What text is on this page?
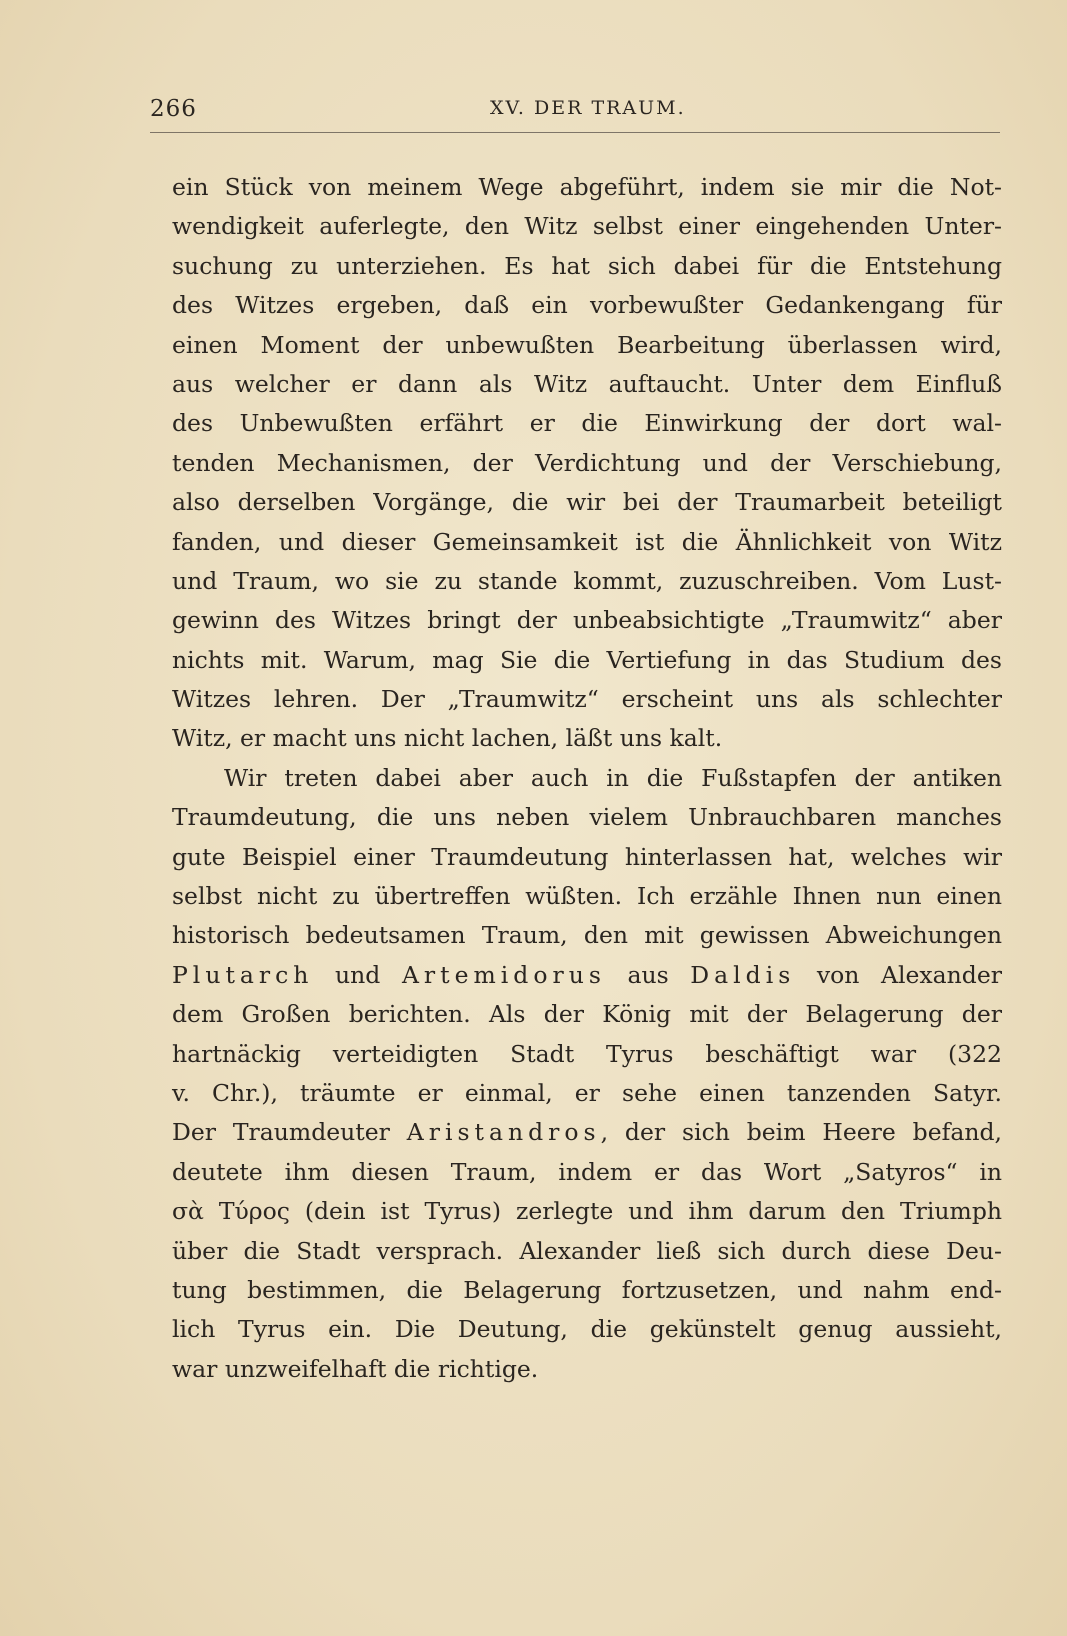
266	XV. DER TRAUM.
ein Stück von meinem Wege abgeführt, indem sie mir die Not-
wendigkeit auferlegte, den Witz selbst einer eingehenden Unter-
suchung zu unterziehen. Es hat sich dabei für die Entstehung
des Witzes ergeben, daß ein vorbewußter Gedankengang für
einen Moment der unbewußten Bearbeitung überlassen wird,
aus welcher er dann als Witz auftaucht. Unter dem Einfluß
des Unbewußten erfährt er die Einwirkung der dort wal-
tenden Mechanismen, der Verdichtung und der Verschiebung,
also derselben Vorgänge, die wir bei der Traumarbeit beteiligt
fanden, und dieser Gemeinsamkeit ist die Ähnlichkeit von Witz
und Traum, wo sie zu stande kommt, zuzuschreiben. Vom Lust-
gewinn des Witzes bringt der unbeabsichtigte „Traumwitz“ aber
nichts mit. Warum, mag Sie die Vertiefung in das Studium des
Witzes lehren. Der „Traumwitz“ erscheint uns als schlechter
Witz, er macht uns nicht lachen, läßt uns kalt.
Wir treten dabei aber auch in die Fußstapfen der antiken
Traumdeutung, die uns neben vielem Unbrauchbaren manches
gute Beispiel einer Traumdeutung hinterlassen hat, welches wir
selbst nicht zu übertreffen wüßten. Ich erzähle Ihnen nun einen
historisch bedeutsamen Traum, den mit gewissen Abweichungen
Plutarch und Artemidorus aus Daldis von Alexander
dem Großen berichten. Als der König mit der Belagerung der
hartnäckig verteidigten Stadt Tyrus beschäftigt war (322
v. Chr.), träumte er einmal, er sehe einen tanzenden Satyr.
Der Traumdeuter Aristandros, der sich beim Heere befand,
deutete ihm diesen Traum, indem er das Wort „Satyros“ in
σὰ Τύρος (dein ist Tyrus) zerlegte und ihm darum den Triumph
über die Stadt versprach. Alexander ließ sich durch diese Deu-
tung bestimmen, die Belagerung fortzusetzen, und nahm end-
lich Tyrus ein. Die Deutung, die gekünstelt genug aussieht,
war unzweifelhaft die richtige.
